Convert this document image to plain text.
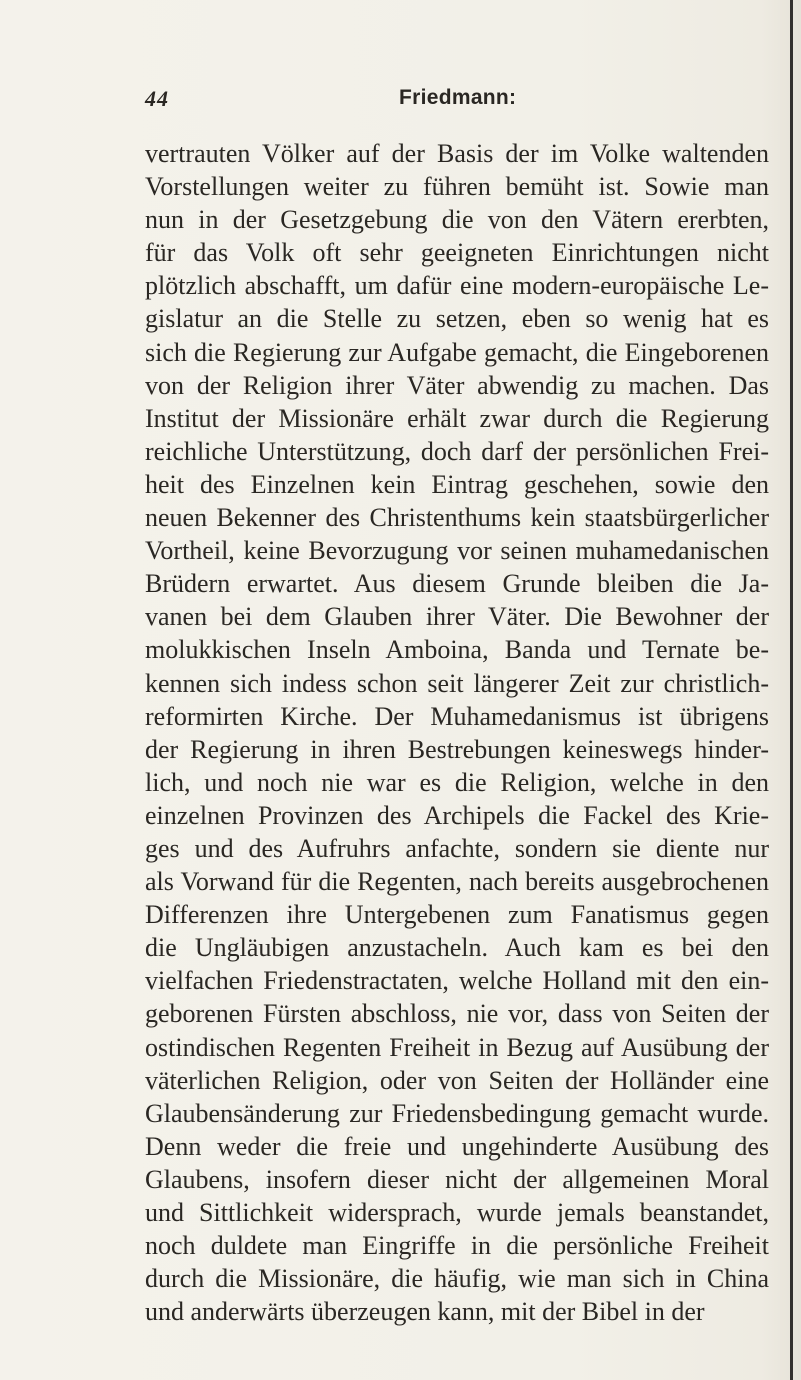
44	Friedmann:
vertrauten Völker auf der Basis der im Volke waltenden
Vorstellungen weiter zu führen bemüht ist. Sowie man
nun in der Gesetzgebung die von den Vätern ererbten,
für das Volk oft sehr geeigneten Einrichtungen nicht
plötzlich abschafft, um dafür eine modern-europäische Le-
gislatur an die Stelle zu setzen, eben so wenig hat es
sich die Regierung zur Aufgabe gemacht, die Eingeborenen
von der Religion ihrer Väter abwendig zu machen. Das
Institut der Missionäre erhält zwar durch die Regierung
reichliche Unterstützung, doch darf der persönlichen Frei-
heit des Einzelnen kein Eintrag geschehen, sowie den
neuen Bekenner des Christenthums kein staatsbürgerlicher
Vortheil, keine Bevorzugung vor seinen muhamedanischen
Brüdern erwartet. Aus diesem Grunde bleiben die Ja-
vanen bei dem Glauben ihrer Väter. Die Bewohner der
molukkischen Inseln Amboina, Banda und Ternate be-
kennen sich indess schon seit längerer Zeit zur christlich-
reformirten Kirche. Der Muhamedanismus ist übrigens
der Regierung in ihren Bestrebungen keineswegs hinder-
lich, und noch nie war es die Religion, welche in den
einzelnen Provinzen des Archipels die Fackel des Krie-
ges und des Aufruhrs anfachte, sondern sie diente nur
als Vorwand für die Regenten, nach bereits ausgebrochenen
Differenzen ihre Untergebenen zum Fanatismus gegen
die Ungläubigen anzustacheln. Auch kam es bei den
vielfachen Friedenstractaten, welche Holland mit den ein-
geborenen Fürsten abschloss, nie vor, dass von Seiten der
ostindischen Regenten Freiheit in Bezug auf Ausübung der
väterlichen Religion, oder von Seiten der Holländer eine
Glaubensänderung zur Friedensbedingung gemacht wurde.
Denn weder die freie und ungehinderte Ausübung des
Glaubens, insofern dieser nicht der allgemeinen Moral
und Sittlichkeit widersprach, wurde jemals beanstandet,
noch duldete man Eingriffe in die persönliche Freiheit
durch die Missionäre, die häufig, wie man sich in China
und anderwärts überzeugen kann, mit der Bibel in der
